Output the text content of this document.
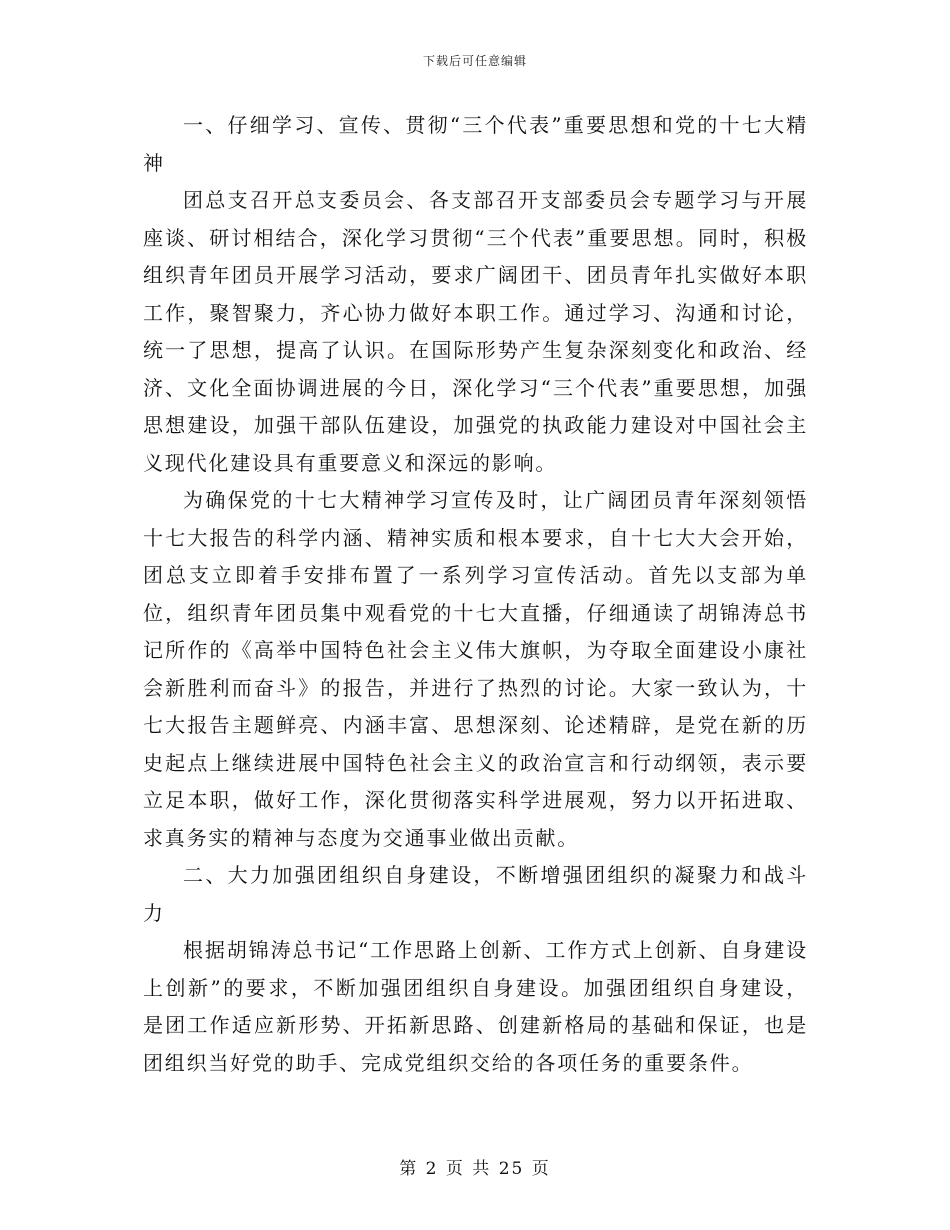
下载后可任意编辑

一、仔细学习、宣传、贯彻“三个代表”重要思想和党的十七大精神

团总支召开总支委员会、各支部召开支部委员会专题学习与开展座谈、研讨相结合，深化学习贯彻“三个代表”重要思想。同时，积极组织青年团员开展学习活动，要求广阔团干、团员青年扎实做好本职工作，聚智聚力，齐心协力做好本职工作。通过学习、沟通和讨论，统一了思想，提高了认识。在国际形势产生复杂深刻变化和政治、经济、文化全面协调进展的今日，深化学习“三个代表”重要思想，加强思想建设，加强干部队伍建设，加强党的执政能力建设对中国社会主义现代化建设具有重要意义和深远的影响。

为确保党的十七大精神学习宣传及时，让广阔团员青年深刻领悟十七大报告的科学内涵、精神实质和根本要求，自十七大大会开始，团总支立即着手安排布置了一系列学习宣传活动。首先以支部为单位，组织青年团员集中观看党的十七大直播，仔细通读了胡锦涛总书记所作的《高举中国特色社会主义伟大旗帜，为夺取全面建设小康社会新胜利而奋斗》的报告，并进行了热烈的讨论。大家一致认为，十七大报告主题鲜亮、内涵丰富、思想深刻、论述精辟，是党在新的历史起点上继续进展中国特色社会主义的政治宣言和行动纲领，表示要立足本职，做好工作，深化贯彻落实科学进展观，努力以开拓进取、求真务实的精神与态度为交通事业做出贡献。

二、大力加强团组织自身建设，不断增强团组织的凝聚力和战斗力

根据胡锦涛总书记“工作思路上创新、工作方式上创新、自身建设上创新”的要求，不断加强团组织自身建设。加强团组织自身建设，是团工作适应新形势、开拓新思路、创建新格局的基础和保证，也是团组织当好党的助手、完成党组织交给的各项任务的重要条件。

第 2 页 共 25 页
